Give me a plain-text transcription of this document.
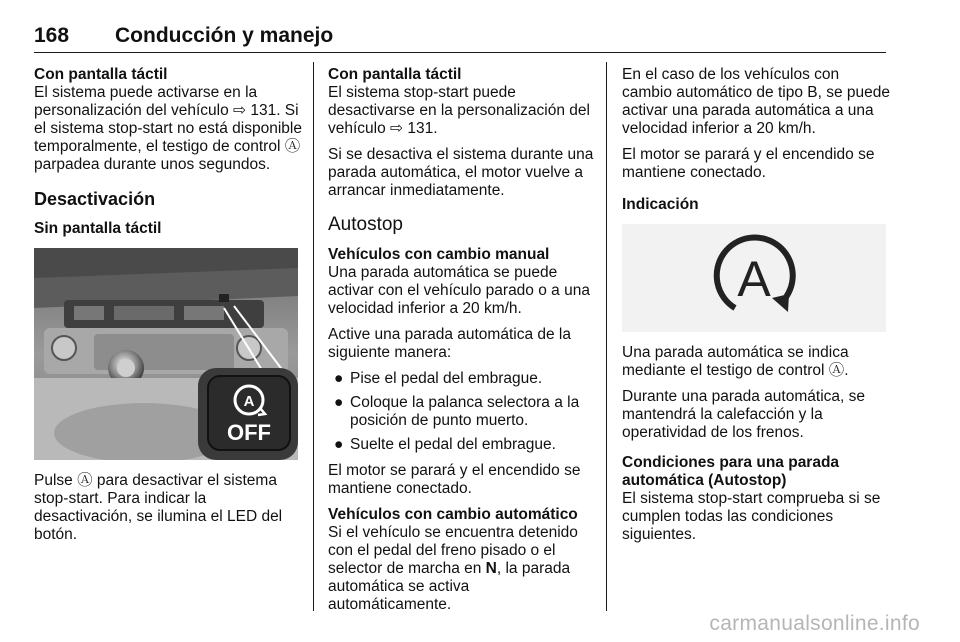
168 Conducción y manejo
Con pantalla táctil
El sistema puede activarse en la personalización del vehículo ⇨ 131. Si el sistema stop-start no está disponible temporalmente, el testigo de control Ⓐ parpadea durante unos segundos.
Desactivación
Sin pantalla táctil
A
OFF
Pulse Ⓐ para desactivar el sistema stop-start. Para indicar la desactivación, se ilumina el LED del botón.
Con pantalla táctil
El sistema stop-start puede desactivarse en la personalización del vehículo ⇨ 131.
Si se desactiva el sistema durante una parada automática, el motor vuelve a arrancar inmediatamente.
Autostop
Vehículos con cambio manual
Una parada automática se puede activar con el vehículo parado o a una velocidad inferior a 20 km/h.
Active una parada automática de la siguiente manera:
● Pise el pedal del embrague.
● Coloque la palanca selectora a la posición de punto muerto.
● Suelte el pedal del embrague.
El motor se parará y el encendido se mantiene conectado.
Vehículos con cambio automático
Si el vehículo se encuentra detenido con el pedal del freno pisado o el selector de marcha en N, la parada automática se activa automáticamente.
En el caso de los vehículos con cambio automático de tipo B, se puede activar una parada automática a una velocidad inferior a 20 km/h.
El motor se parará y el encendido se mantiene conectado.
Indicación
A
Una parada automática se indica mediante el testigo de control Ⓐ.
Durante una parada automática, se mantendrá la calefacción y la operatividad de los frenos.
Condiciones para una parada automática (Autostop)
El sistema stop-start comprueba si se cumplen todas las condiciones siguientes.
carmanualsonline.info
